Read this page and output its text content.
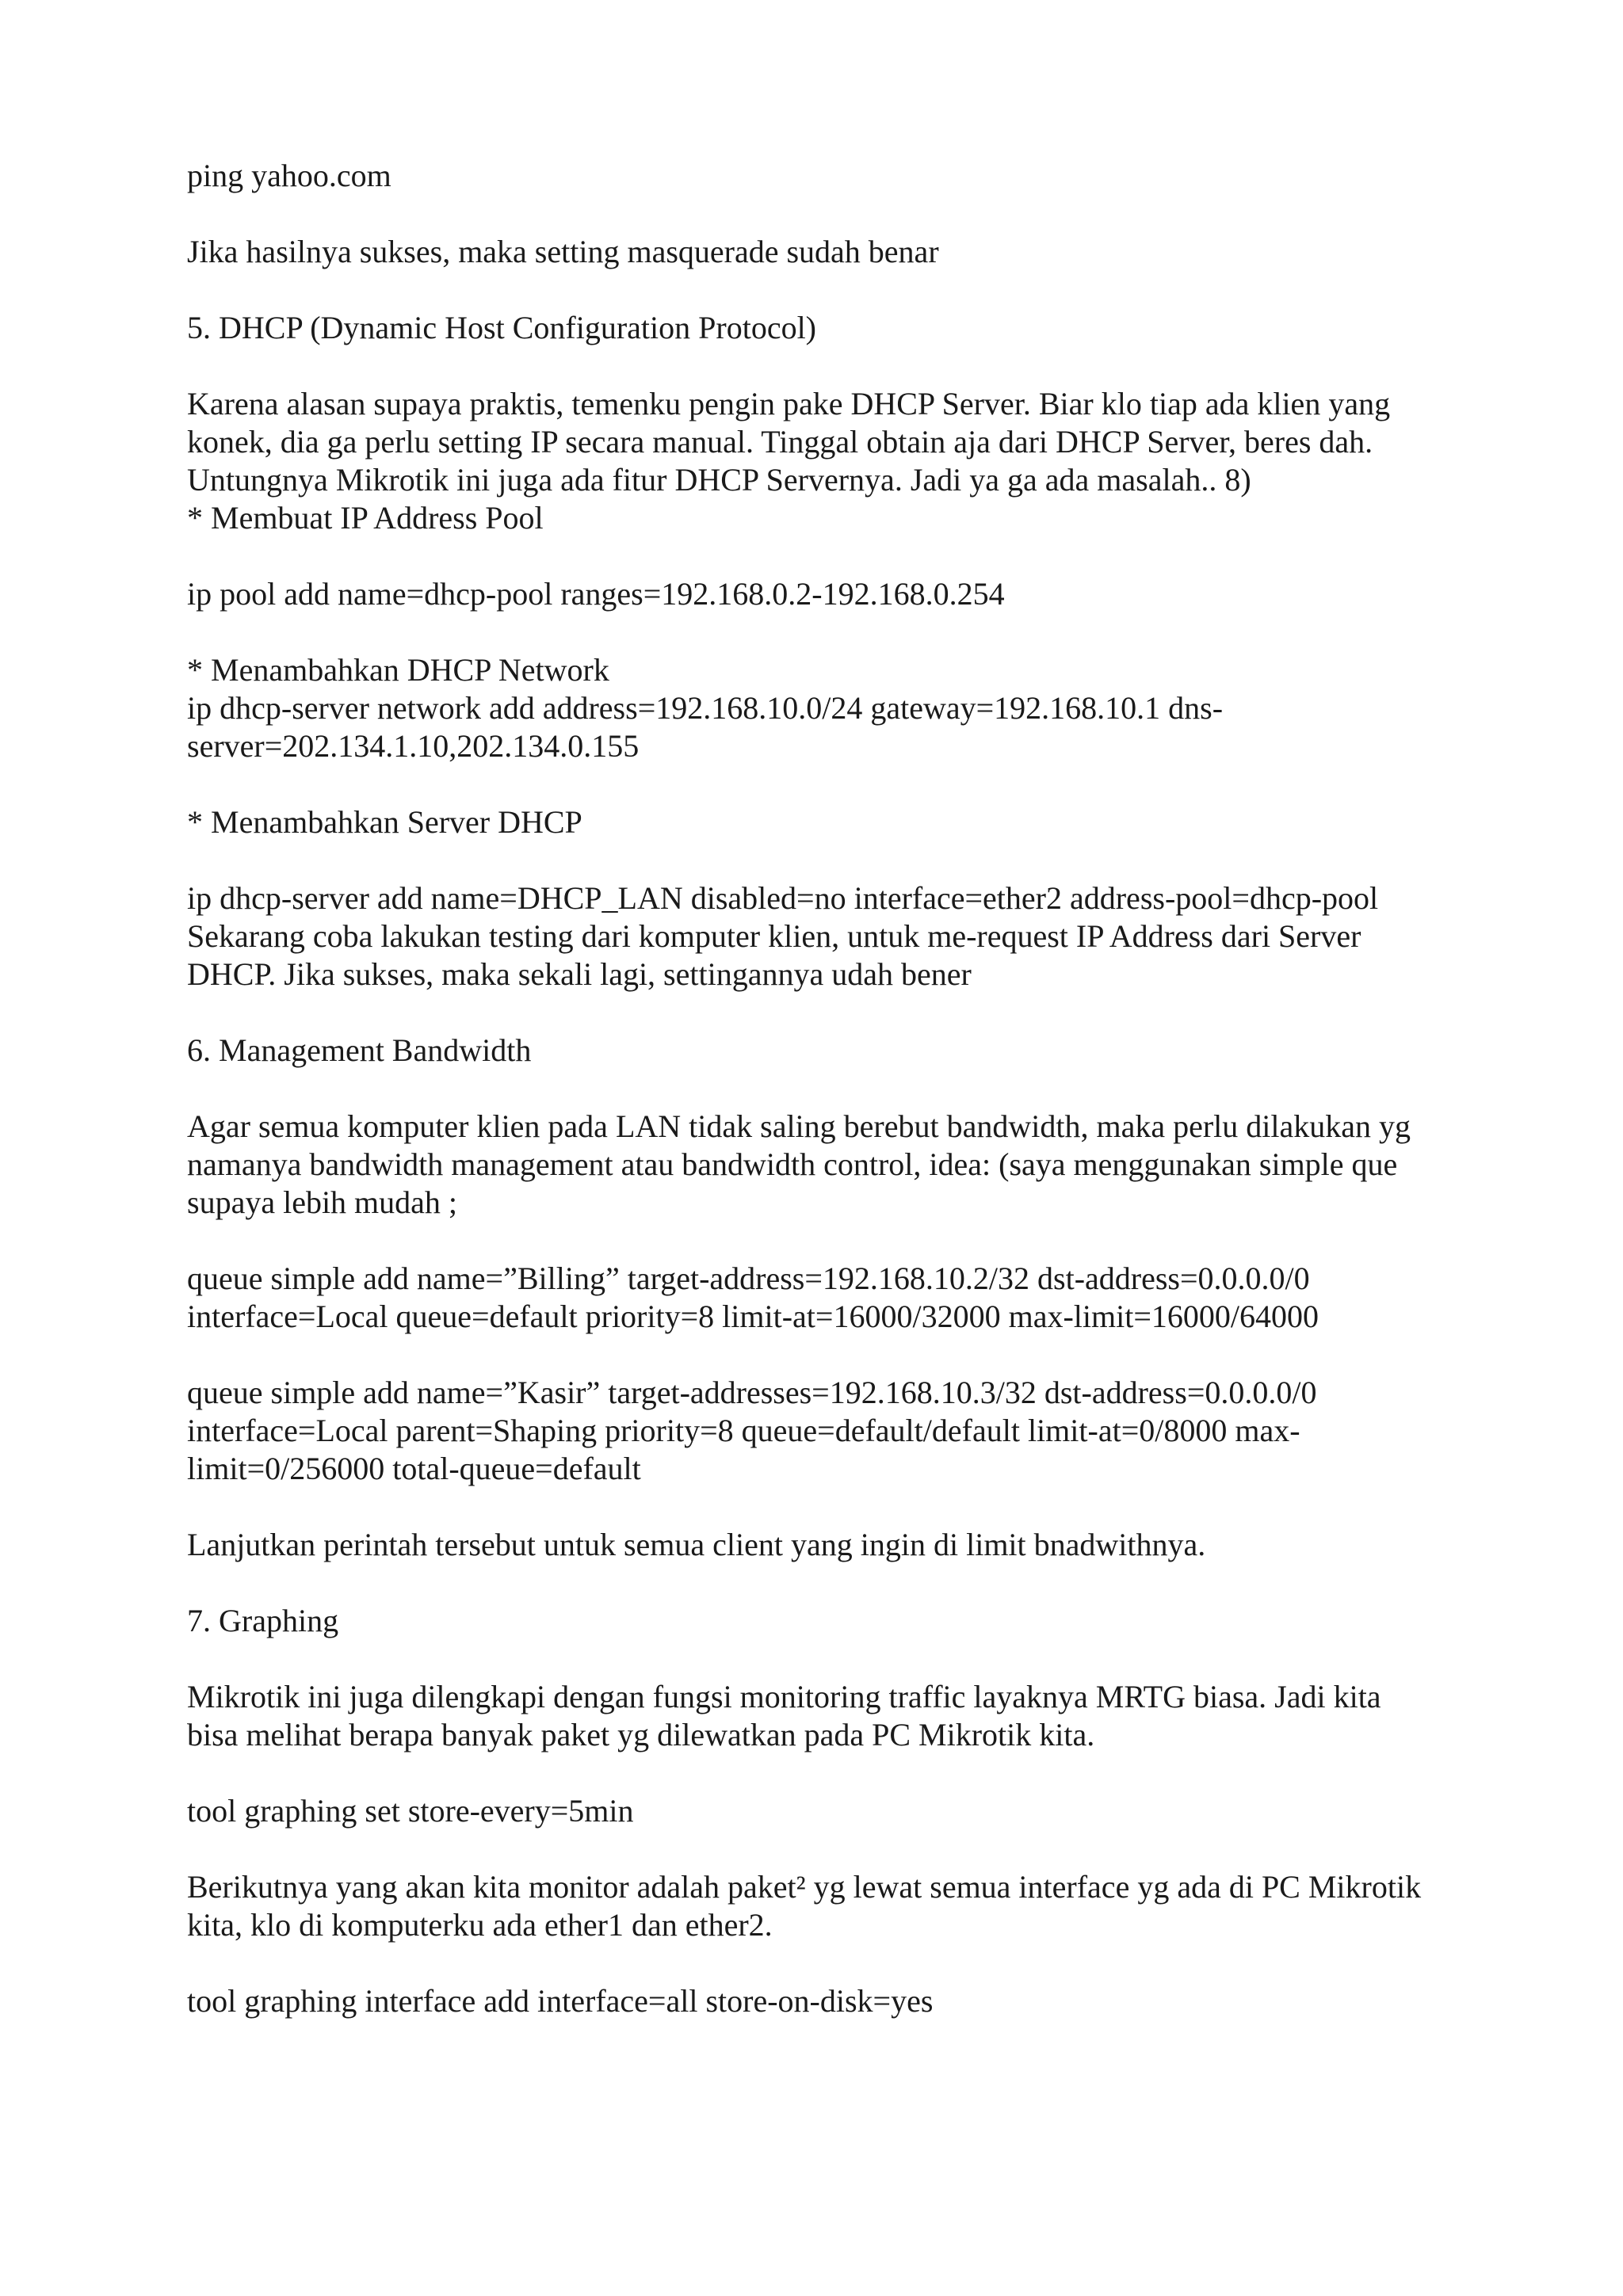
ping yahoo.com

Jika hasilnya sukses, maka setting masquerade sudah benar

5. DHCP (Dynamic Host Configuration Protocol)

Karena alasan supaya praktis, temenku pengin pake DHCP Server. Biar klo tiap ada klien yang

konek, dia ga perlu setting IP secara manual. Tinggal obtain aja dari DHCP Server, beres dah.

Untungnya Mikrotik ini juga ada fitur DHCP Servernya. Jadi ya ga ada masalah.. 8)

* Membuat IP Address Pool

ip pool add name=dhcp-pool ranges=192.168.0.2-192.168.0.254

* Menambahkan DHCP Network

ip dhcp-server network add address=192.168.10.0/24 gateway=192.168.10.1 dns-

server=202.134.1.10,202.134.0.155

* Menambahkan Server DHCP

ip dhcp-server add name=DHCP_LAN disabled=no interface=ether2 address-pool=dhcp-pool

Sekarang coba lakukan testing dari komputer klien, untuk me-request IP Address dari Server

DHCP. Jika sukses, maka sekali lagi, settingannya udah bener

6. Management Bandwidth

Agar semua komputer klien pada LAN tidak saling berebut bandwidth, maka perlu dilakukan yg

namanya bandwidth management atau bandwidth control, idea: (saya menggunakan simple que

supaya lebih mudah ;

queue simple add name=”Billing” target-address=192.168.10.2/32 dst-address=0.0.0.0/0

interface=Local queue=default priority=8 limit-at=16000/32000 max-limit=16000/64000

queue simple add name=”Kasir” target-addresses=192.168.10.3/32 dst-address=0.0.0.0/0

interface=Local parent=Shaping priority=8 queue=default/default limit-at=0/8000 max-

limit=0/256000 total-queue=default

Lanjutkan perintah tersebut untuk semua client yang ingin di limit bnadwithnya.

7. Graphing

Mikrotik ini juga dilengkapi dengan fungsi monitoring traffic layaknya MRTG biasa. Jadi kita

bisa melihat berapa banyak paket yg dilewatkan pada PC Mikrotik kita.

tool graphing set store-every=5min

Berikutnya yang akan kita monitor adalah paket² yg lewat semua interface yg ada di PC Mikrotik

kita, klo di komputerku ada ether1 dan ether2.

tool graphing interface add interface=all store-on-disk=yes
